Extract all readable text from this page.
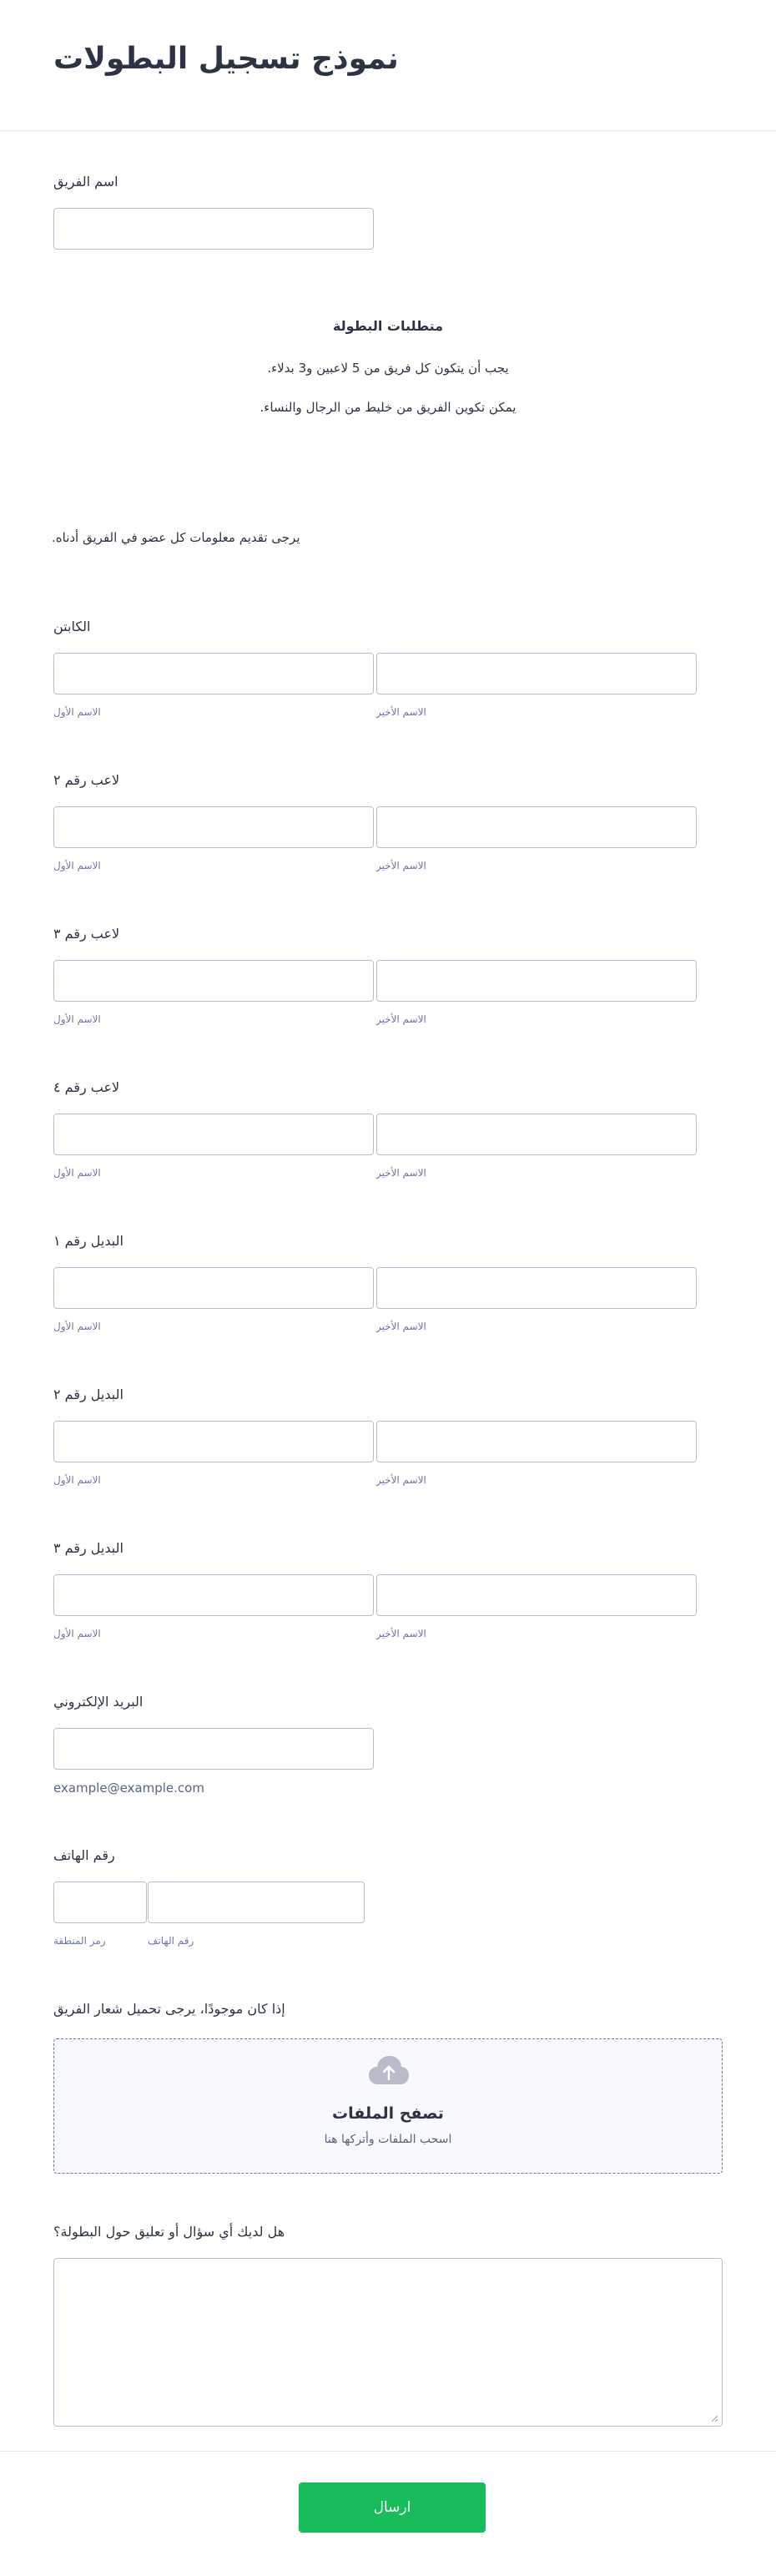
نموذج تسجيل البطولات
اسم الفريق
متطلبات البطولة
يجب أن يتكون كل فريق من 5 لاعبين و3 بدلاء.
يمكن تكوين الفريق من خليط من الرجال والنساء.
يرجى تقديم معلومات كل عضو في الفريق أدناه.
الكابتن
الاسم الأول	الاسم الأخير
لاعب رقم ٢
الاسم الأول	الاسم الأخير
لاعب رقم ٣
الاسم الأول	الاسم الأخير
لاعب رقم ٤
الاسم الأول	الاسم الأخير
البديل رقم ١
الاسم الأول	الاسم الأخير
البديل رقم ٢
الاسم الأول	الاسم الأخير
البديل رقم ٣
الاسم الأول	الاسم الأخير
البريد الإلكتروني
example@example.com
رقم الهاتف
رمز المنطقة	رقم الهاتف
إذا كان موجودًا، يرجى تحميل شعار الفريق
تصفح الملفات
اسحب الملفات وأتركها هنا
هل لديك أي سؤال أو تعليق حول البطولة؟
ارسال
